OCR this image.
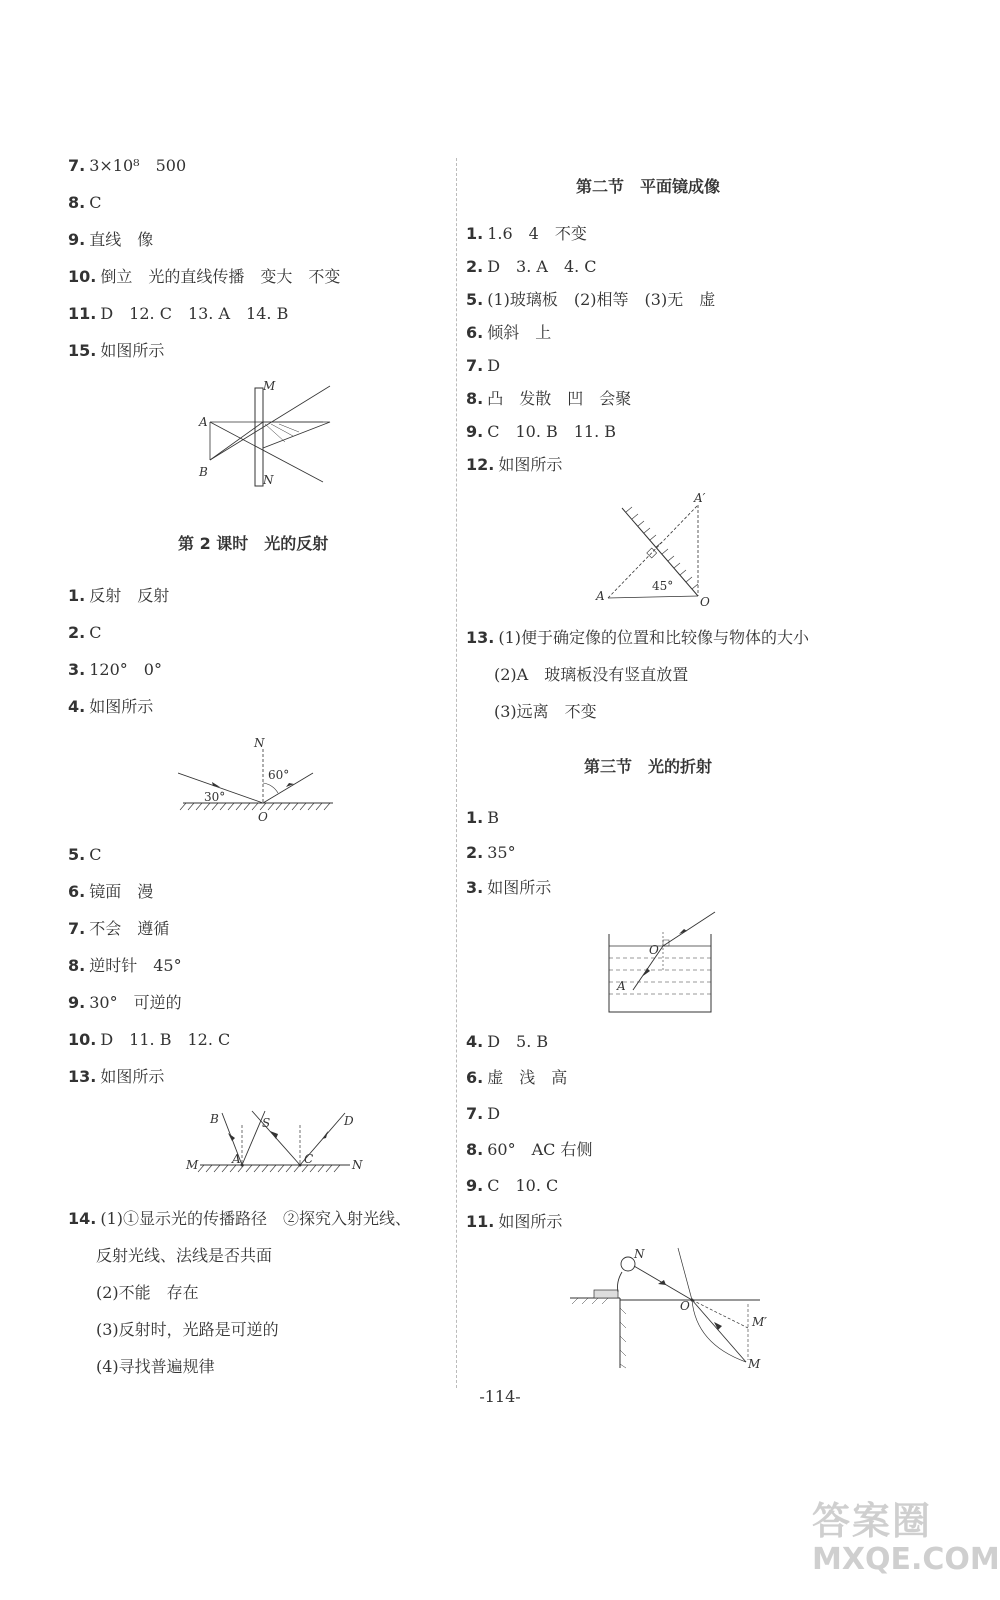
7. 3×10⁸　500
8. C
9. 直线　像
10. 倒立　光的直线传播　变大　不变
11. D　12. C　13. A　14. B
15. 如图所示
M
N
A
B
第 2 课时　光的反射
1. 反射　反射
2. C
3. 120°　0°
4. 如图所示
N
O
30°
60°
5. C
6. 镜面　漫
7. 不会　遵循
8. 逆时针　45°
9. 30°　可逆的
10. D　11. B　12. C
13. 如图所示
B	S	D
M	A	C	N
14. (1)①显示光的传播路径　②探究入射光线、
反射光线、法线是否共面
(2)不能　存在
(3)反射时，光路是可逆的
(4)寻找普遍规律
第二节　平面镜成像
1. 1.6　4　不变
2. D　3. A　4. C
5. (1)玻璃板　(2)相等　(3)无　虚
6. 倾斜　上
7. D
8. 凸　发散　凹　会聚
9. C　10. B　11. B
12. 如图所示
A′
A	O
45°
13. (1)便于确定像的位置和比较像与物体的大小
(2)A　玻璃板没有竖直放置
(3)远离　不变
第三节　光的折射
1. B
2. 35°
3. 如图所示
O
A
4. D　5. B
6. 虚　浅　高
7. D
8. 60°　AC 右侧
9. C　10. C
11. 如图所示
N
O
M′
M
-114-
答案圈
MXQE.COM
